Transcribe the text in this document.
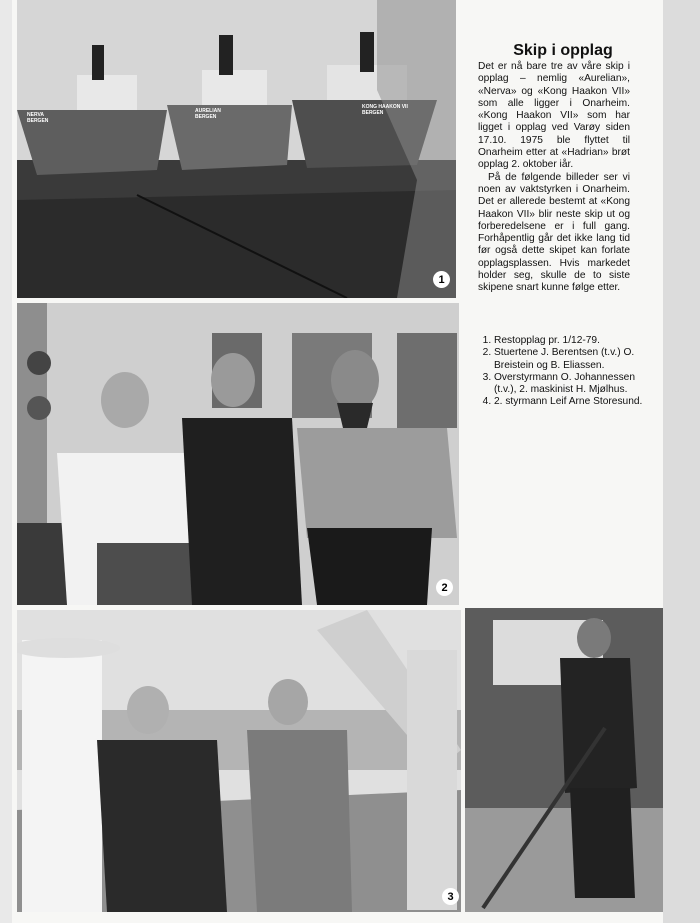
NERVA
BERGEN
AURELIAN
BERGEN
KONG HAAKON VII
BERGEN
1
2
3
Skip i opplag

Det er nå bare tre av våre skip i opplag – nemlig «Aurelian», «Nerva» og «Kong Haakon VII» som alle ligger i Onarheim. «Kong Haakon VII» som har ligget i opplag ved Varøy siden 17.10. 1975 ble flyttet til Onarheim etter at «Hadrian» brøt opplag 2. oktober iår.

På de følgende billeder ser vi noen av vaktstyrken i Onarheim. Det er allerede bestemt at «Kong Haakon VII» blir neste skip ut og forberedelsene er i full gang. Forhåpentlig går det ikke lang tid før også dette skipet kan forlate opplagsplassen. Hvis markedet holder seg, skulle de to siste skipene snart kunne følge etter.

1. Restopplag pr. 1/12-79.
2. Stuertene J. Berentsen (t.v.) O. Breistein og B. Eliassen.
3. Overstyrmann O. Johannessen (t.v.), 2. maskinist H. Mjølhus.
4. 2. styrmann Leif Arne Storesund.
